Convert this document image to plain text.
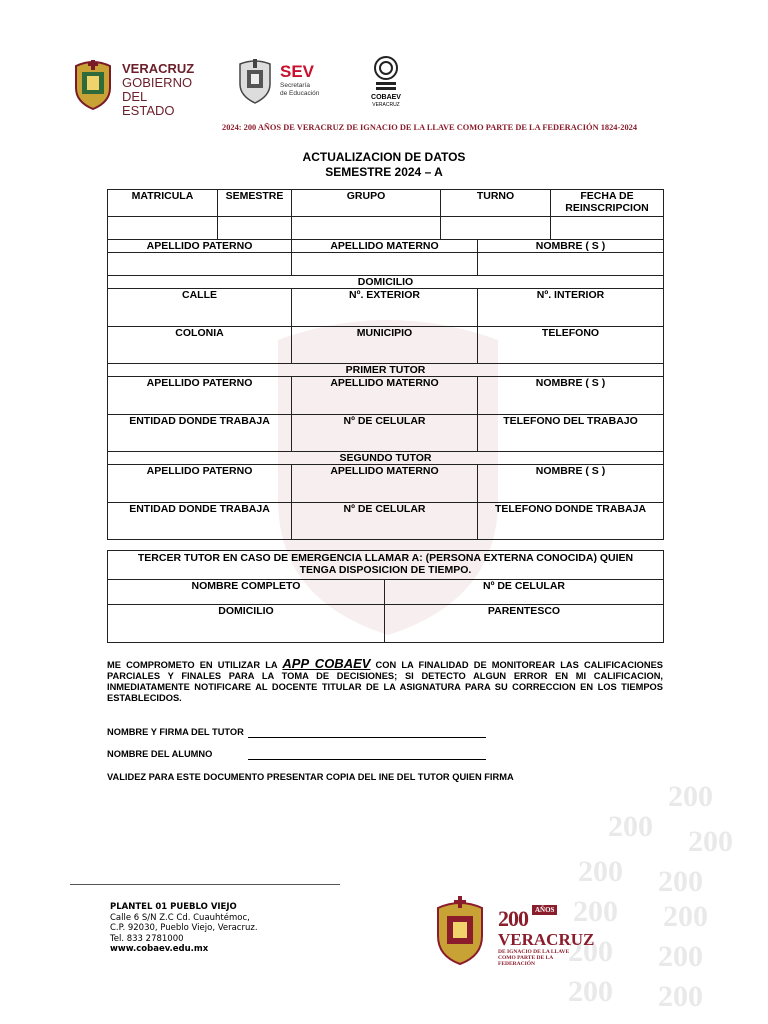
VERACRUZ
GOBIERNO
DEL ESTADO
SEV
Secretaría
de Educación
COBAEV
VERACRUZ
2024: 200 AÑOS DE VERACRUZ DE IGNACIO DE LA LLAVE COMO PARTE DE LA FEDERACIÓN 1824-2024
ACTUALIZACION DE DATOS
SEMESTRE 2024 – A
MATRICULA	SEMESTRE	GRUPO	TURNO	FECHA DE REINSCRIPCION

APELLIDO PATERNO	APELLIDO MATERNO	NOMBRE ( S )

DOMICILIO		
CALLE	Nº. EXTERIOR	Nº. INTERIOR
COLONIA	MUNICIPIO	TELEFONO
PRIMER TUTOR		
APELLIDO PATERNO	APELLIDO MATERNO	NOMBRE ( S )
ENTIDAD DONDE TRABAJA	Nº DE CELULAR	TELEFONO DEL TRABAJO
SEGUNDO TUTOR		
APELLIDO PATERNO	APELLIDO MATERNO	NOMBRE ( S )
ENTIDAD DONDE TRABAJA	Nº DE CELULAR	TELEFONO DONDE TRABAJA
TERCER TUTOR EN CASO DE EMERGENCIA LLAMAR A: (PERSONA EXTERNA CONOCIDA) QUIEN TENGA DISPOSICION DE TIEMPO.	
NOMBRE COMPLETO	Nº DE CELULAR
DOMICILIO	PARENTESCO
ME COMPROMETO EN UTILIZAR LA APP COBAEV CON LA FINALIDAD DE MONITOREAR LAS CALIFICACIONES PARCIALES Y FINALES PARA LA TOMA DE DECISIONES; SI DETECTO ALGUN ERROR EN MI CALIFICACION, INMEDIATAMENTE NOTIFICARE AL DOCENTE TITULAR DE LA ASIGNATURA PARA SU CORRECCION EN LOS TIEMPOS ESTABLECIDOS.
NOMBRE Y FIRMA DEL TUTOR
NOMBRE DEL ALUMNO
VALIDEZ PARA ESTE DOCUMENTO PRESENTAR COPIA DEL INE DEL TUTOR QUIEN FIRMA
200
200 200
200 200
200 200
200 200
200 200
PLANTEL 01 PUEBLO VIEJO
Calle 6 S/N Z.C Cd. Cuauhtémoc,
C.P. 92030, Pueblo Viejo, Veracruz.
Tel. 833 2781000
www.cobaev.edu.mx
200 $^{AÑOS}$
VERACRUZ
DE IGNACIO DE LA LLAVE
COMO PARTE DE LA FEDERACIÓN
